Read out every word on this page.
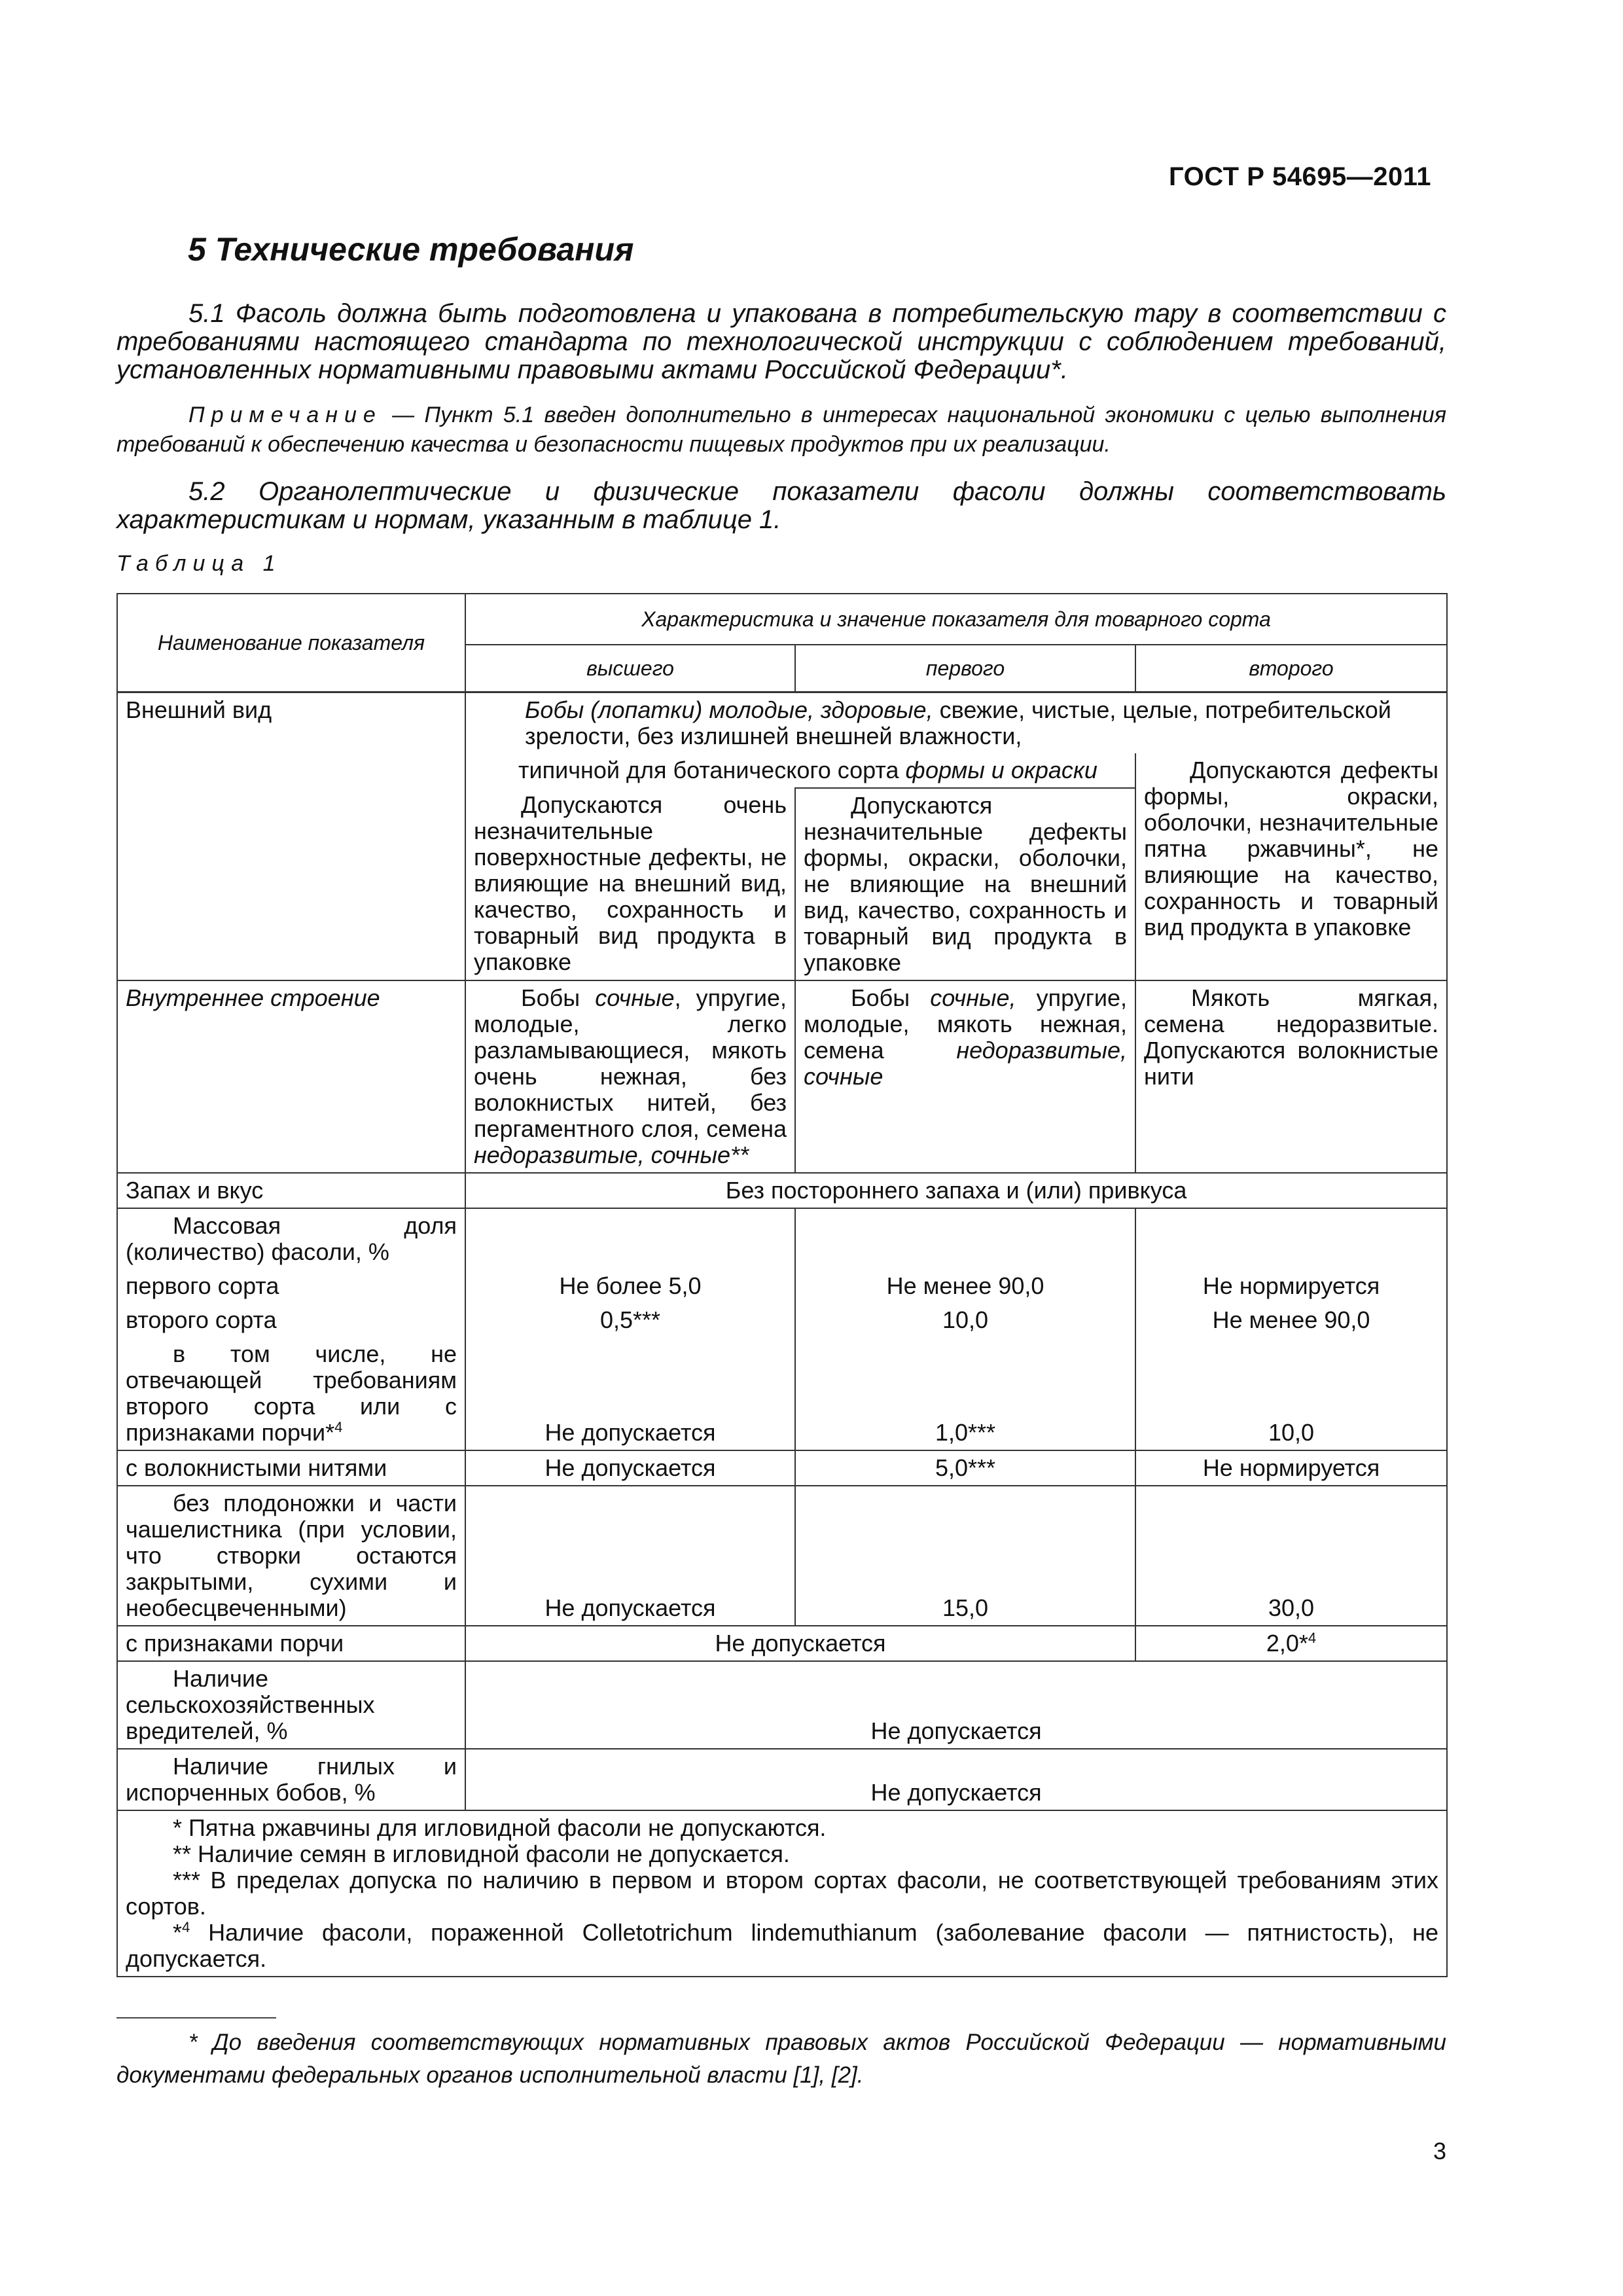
ГОСТ Р 54695—2011
5 Технические требования
5.1 Фасоль должна быть подготовлена и упакована в потребительскую тару в соответствии с требованиями настоящего стандарта по технологической инструкции с соблюдением требований, установленных нормативными правовыми актами Российской Федерации*.
Примечание — Пункт 5.1 введен дополнительно в интересах национальной экономики с целью выполнения требований к обеспечению качества и безопасности пищевых продуктов при их реализации.
5.2 Органолептические и физические показатели фасоли должны соответствовать характеристикам и нормам, указанным в таблице 1.
Таблица 1
Наименование показателя	Характеристика и значение показателя для товарного сорта		
	высшего	первого	второго
Внешний вид	Бобы (лопатки) молодые, здоровые, свежие, чистые, целые, потребительской зрелости, без излишней внешней влажности,		
	типичной для ботанического сорта формы и окраски		Допускаются дефекты формы, окраски, оболочки, незначительные пятна ржавчины*, не влияющие на качество, сохранность и товарный вид продукта в упаковке
	Допускаются очень незначительные поверхностные дефекты, не влияющие на внешний вид, качество, сохранность и товарный вид продукта в упаковке	Допускаются незначительные дефекты формы, окраски, оболочки, не влияющие на внешний вид, качество, сохранность и товарный вид продукта в упаковке	
Внутреннее строение	Бобы сочные, упругие, молодые, легко разламывающиеся, мякоть очень нежная, без волокнистых нитей, без пергаментного слоя, семена недоразвитые, сочные**	Бобы сочные, упругие, молодые, мякоть нежная, семена недоразвитые, сочные	Мякоть мягкая, семена недоразвитые. Допускаются волокнистые нити
Запах и вкус	Без постороннего запаха и (или) привкуса		
Массовая доля (количество) фасоли, %			
первого сорта	Не более 5,0	Не менее 90,0	Не нормируется
второго сорта	0,5***	10,0	Не менее 90,0
в том числе, не отвечающей требованиям второго сорта или с признаками порчи*$^4$	Не допускается	1,0***	10,0
с волокнистыми нитями	Не допускается	5,0***	Не нормируется
без плодоножки и части чашелистника (при условии, что створки остаются закрытыми, сухими и необесцвеченными)	Не допускается	15,0	30,0
с признаками порчи	Не допускается		2,0*$^4$
Наличие сельскохозяйственных вредителей, %	Не допускается		
Наличие гнилых и испорченных бобов, %	Не допускается		

* Пятна ржавчины для игловидной фасоли не допускаются.
** Наличие семян в игловидной фасоли не допускается.
*** В пределах допуска по наличию в первом и втором сортах фасоли, не соответствующей требованиям этих сортов.
*$^4$ Наличие фасоли, пораженной Colletotrichum lindemuthianum (заболевание фасоли — пятнистость), не допускается.			
* До введения соответствующих нормативных правовых актов Российской Федерации — нормативными документами федеральных органов исполнительной власти [1], [2].
3
